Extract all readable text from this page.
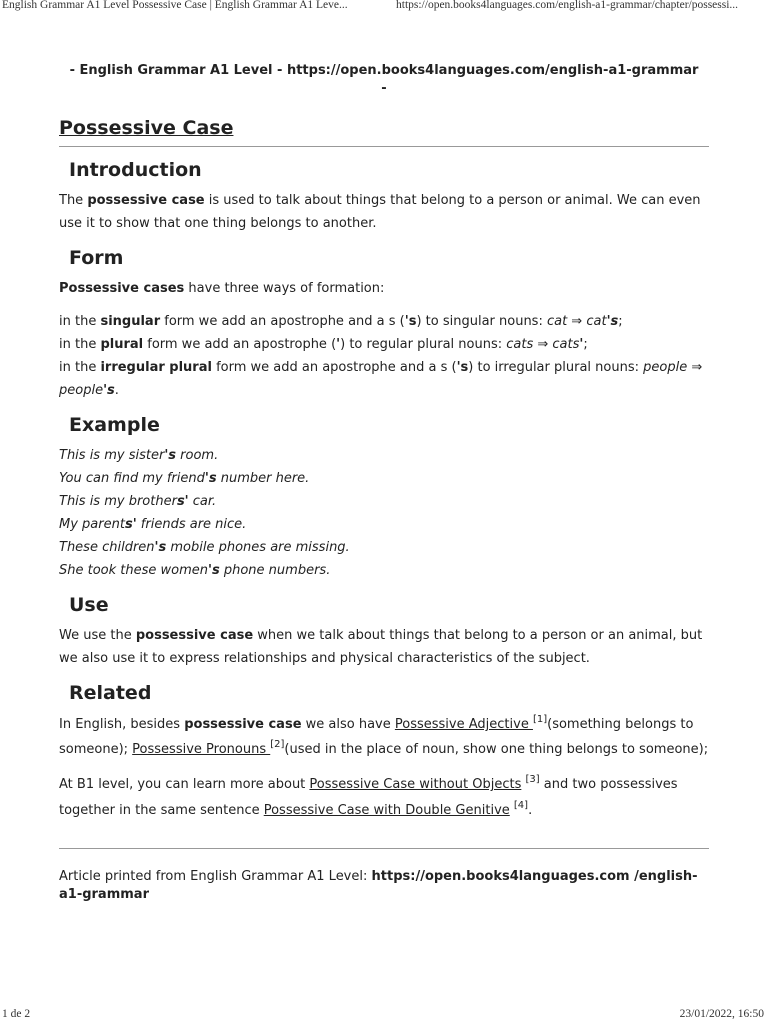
English Grammar A1 Level Possessive Case | English Grammar A1 Leve...	https://open.books4languages.com/english-a1-grammar/chapter/possessi...
- English Grammar A1 Level - https://open.books4languages.com/english-a1-grammar
-
Possessive Case
Introduction

The possessive case is used to talk about things that belong to a person or animal. We can even use it to show that one thing belongs to another.

Form

Possessive cases have three ways of formation:

in the singular form we add an apostrophe and a s ('s) to singular nouns: cat ⇒ cat's;

in the plural form we add an apostrophe (') to regular plural nouns: cats ⇒ cats';

in the irregular plural form we add an apostrophe and a s ('s) to irregular plural nouns: people ⇒ people's.

Example

This is my sister's room.

You can find my friend's number here.

This is my brothers' car.

My parents' friends are nice.

These children's mobile phones are missing.

She took these women's phone numbers.

Use

We use the possessive case when we talk about things that belong to a person or an animal, but we also use it to express relationships and physical characteristics of the subject.

Related

In English, besides possessive case we also have Possessive Adjective [1](something belongs to someone); Possessive Pronouns [2](used in the place of noun, show one thing belongs to someone);

At B1 level, you can learn more about Possessive Case without Objects [3] and two possessives together in the same sentence Possessive Case with Double Genitive [4].

Article printed from English Grammar A1 Level: https://open.books4languages.com /english-a1-grammar
1 de 2	23/01/2022, 16:50
